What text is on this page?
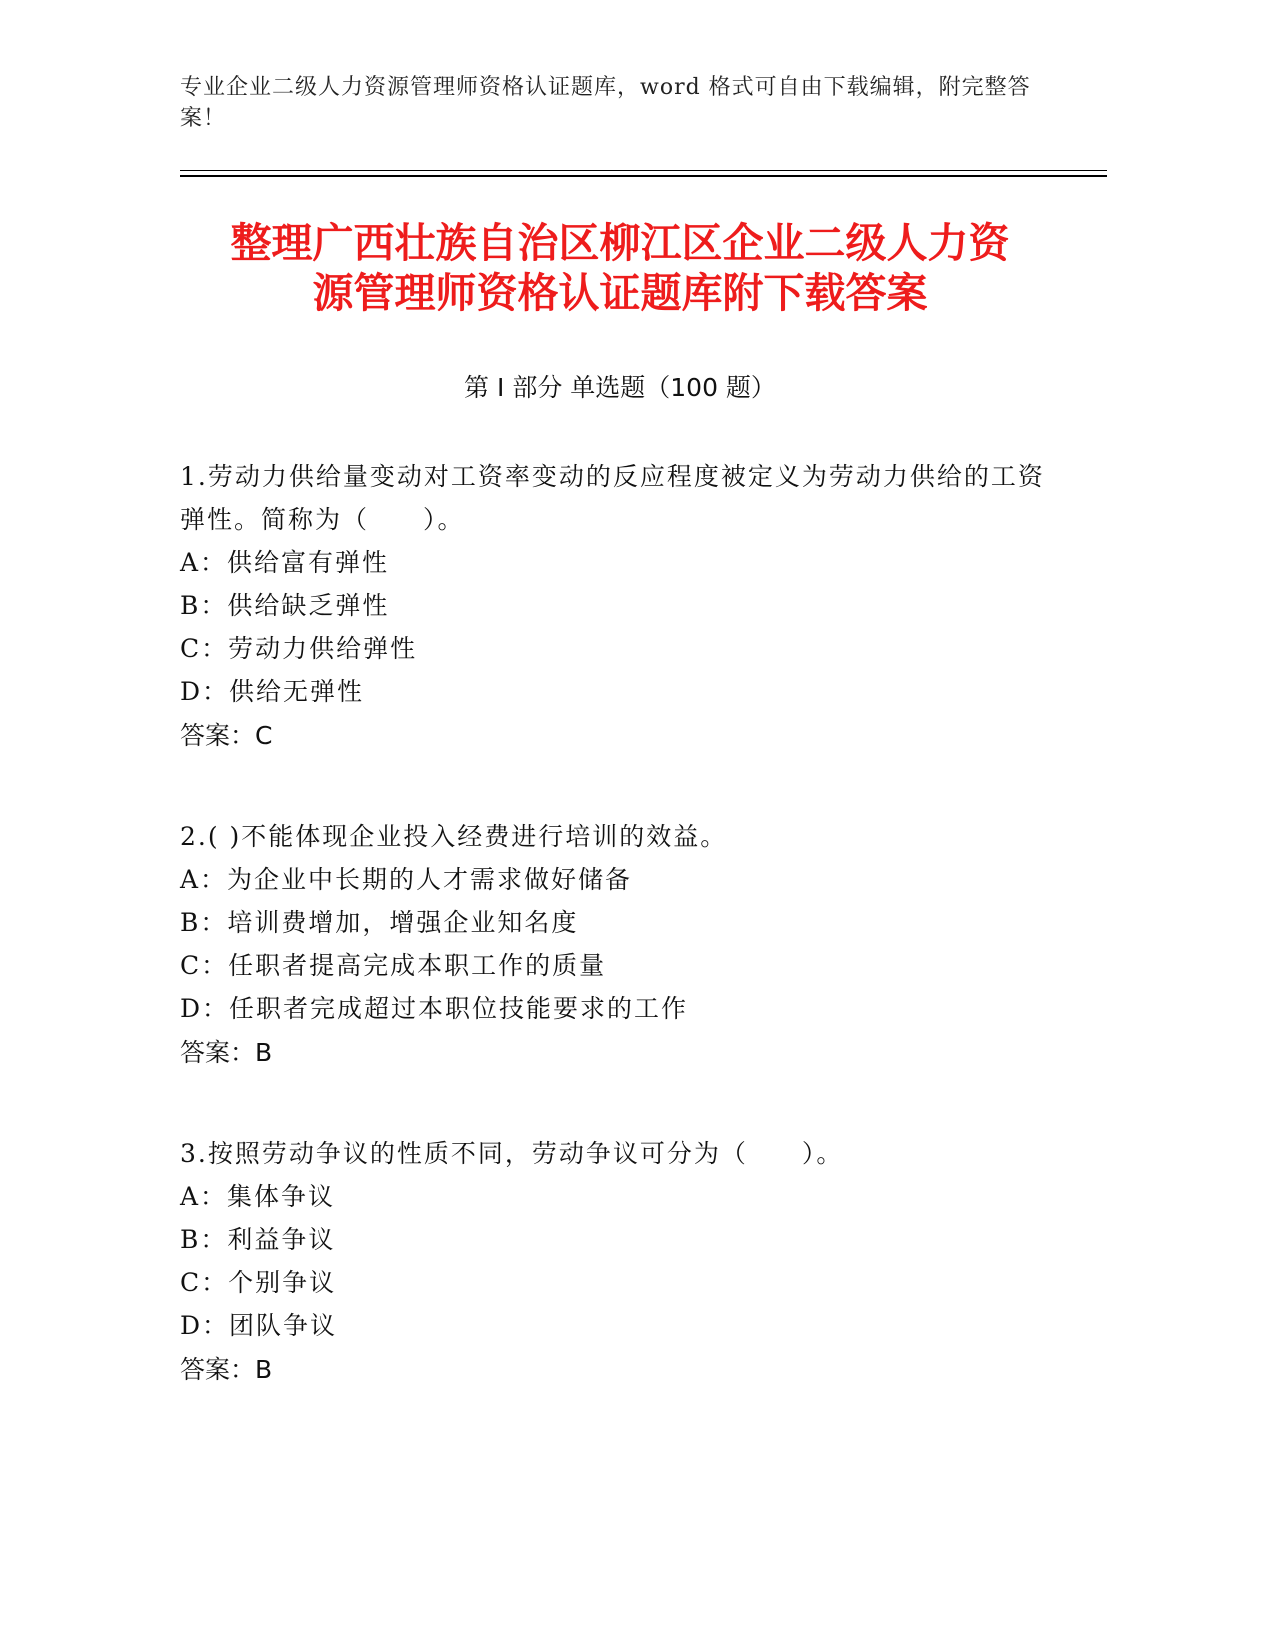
专业企业二级人力资源管理师资格认证题库，word 格式可自由下载编辑，附完整答案！
整理广西壮族自治区柳江区企业二级人力资
源管理师资格认证题库附下载答案
第 I 部分 单选题（100 题）
1.劳动力供给量变动对工资率变动的反应程度被定义为劳动力供给的工资弹性。简称为（　　）。
A：供给富有弹性
B：供给缺乏弹性
C：劳动力供给弹性
D：供给无弹性
答案：C
2.( )不能体现企业投入经费进行培训的效益。
A：为企业中长期的人才需求做好储备
B：培训费增加，增强企业知名度
C：任职者提高完成本职工作的质量
D：任职者完成超过本职位技能要求的工作
答案：B
3.按照劳动争议的性质不同，劳动争议可分为（　　）。
A：集体争议
B：利益争议
C：个别争议
D：团队争议
答案：B
